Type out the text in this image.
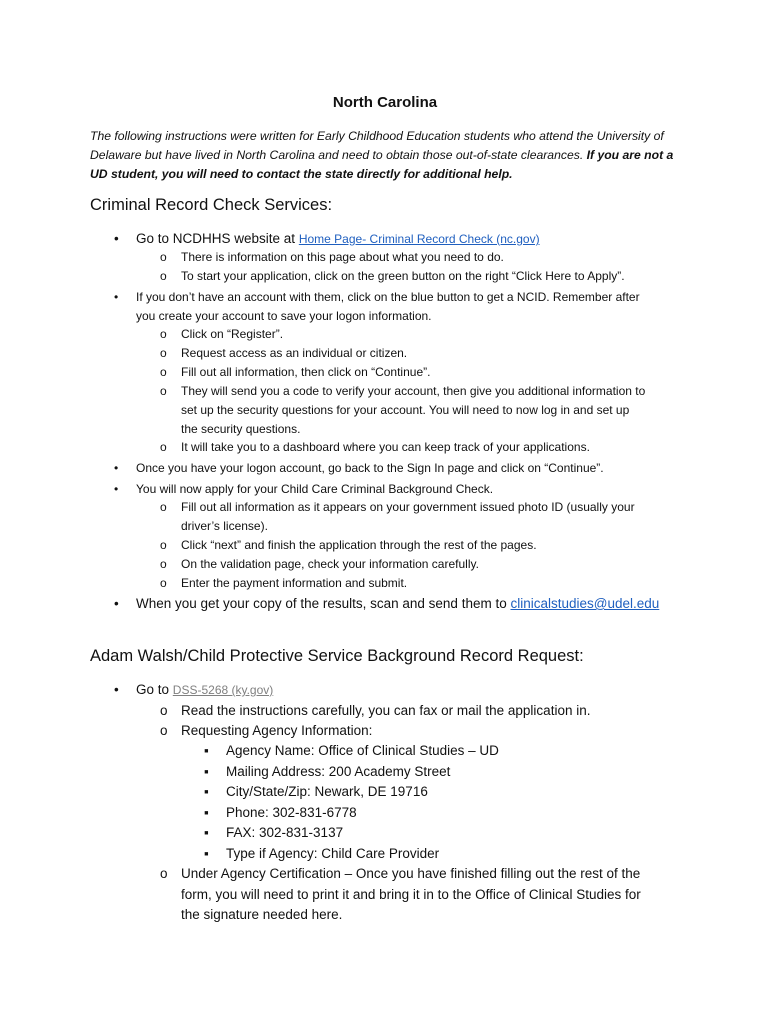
North Carolina
The following instructions were written for Early Childhood Education students who attend the University of Delaware but have lived in North Carolina and need to obtain those out-of-state clearances. If you are not a UD student, you will need to contact the state directly for additional help.
Criminal Record Check Services:
• Go to NCDHHS website at Home Page- Criminal Record Check (nc.gov)
o There is information on this page about what you need to do.
o To start your application, click on the green button on the right “Click Here to Apply”.
• If you don’t have an account with them, click on the blue button to get a NCID. Remember after
you create your account to save your logon information.
o Click on “Register”.
o Request access as an individual or citizen.
o Fill out all information, then click on “Continue”.
o They will send you a code to verify your account, then give you additional information to
set up the security questions for your account. You will need to now log in and set up
the security questions.
o It will take you to a dashboard where you can keep track of your applications.
• Once you have your logon account, go back to the Sign In page and click on “Continue”.
• You will now apply for your Child Care Criminal Background Check.
o Fill out all information as it appears on your government issued photo ID (usually your
driver’s license).
o Click “next” and finish the application through the rest of the pages.
o On the validation page, check your information carefully.
o Enter the payment information and submit.
• When you get your copy of the results, scan and send them to clinicalstudies@udel.edu
Adam Walsh/Child Protective Service Background Record Request:
• Go to DSS-5268 (ky.gov)
o Read the instructions carefully, you can fax or mail the application in.
o Requesting Agency Information:
▪ Agency Name: Office of Clinical Studies – UD
▪ Mailing Address: 200 Academy Street
▪ City/State/Zip: Newark, DE 19716
▪ Phone: 302-831-6778
▪ FAX: 302-831-3137
▪ Type if Agency: Child Care Provider
o Under Agency Certification – Once you have finished filling out the rest of the
form, you will need to print it and bring it in to the Office of Clinical Studies for
the signature needed here.
